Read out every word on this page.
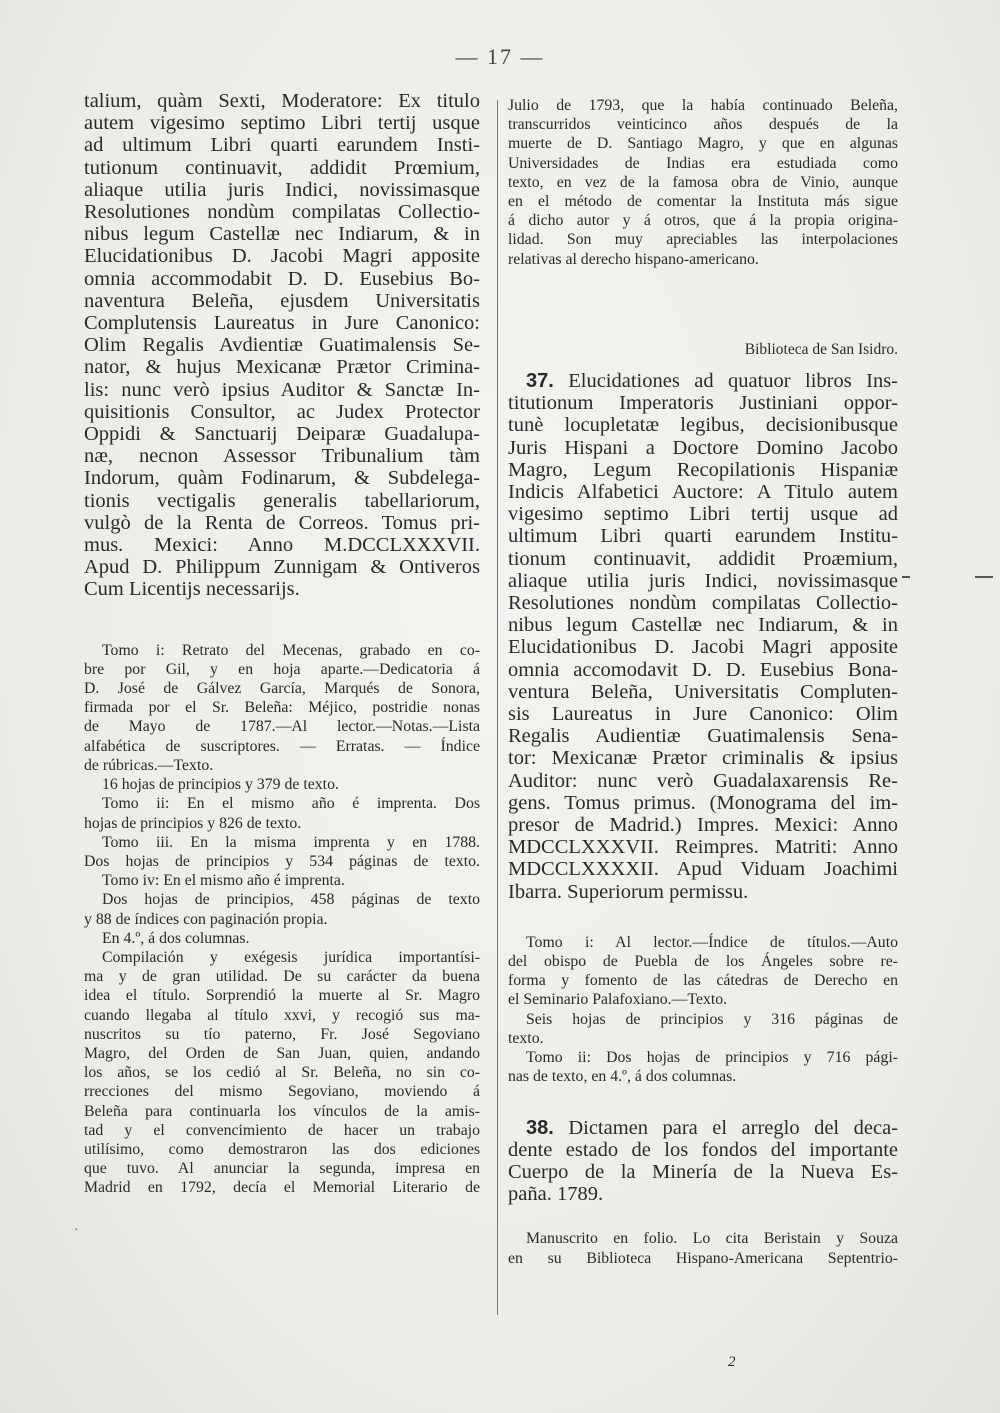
— 17 —
talium, quàm Sexti, Moderatore: Ex titulo
autem vigesimo septimo Libri tertij usque
ad ultimum Libri quarti earundem Insti-
tutionum continuavit, addidit Prœmium,
aliaque utilia juris Indici, novissimasque
Resolutiones nondùm compilatas Collectio-
nibus legum Castellæ nec Indiarum, & in
Elucidationibus D. Jacobi Magri apposite
omnia accommodabit D. D. Eusebius Bo-
naventura Beleña, ejusdem Universitatis
Complutensis Laureatus in Jure Canonico:
Olim Regalis Avdientiæ Guatimalensis Se-
nator, & hujus Mexicanæ Prætor Crimina-
lis: nunc verò ipsius Auditor & Sanctæ In-
quisitionis Consultor, ac Judex Protector
Oppidi & Sanctuarij Deiparæ Guadalupa-
næ, necnon Assessor Tribunalium tàm
Indorum, quàm Fodinarum, & Subdelega-
tionis vectigalis generalis tabellariorum,
vulgò de la Renta de Correos. Tomus pri-
mus. Mexici: Anno M.DCCLXXXVII.
Apud D. Philippum Zunnigam & Ontiveros
Cum Licentijs necessarijs.
Tomo i: Retrato del Mecenas, grabado en co-
bre por Gil, y en hoja aparte.—Dedicatoria á
D. José de Gálvez García, Marqués de Sonora,
firmada por el Sr. Beleña: Méjico, postridie nonas
de Mayo de 1787.—Al lector.—Notas.—Lista
alfabética de suscriptores. — Erratas. — Índice
de rúbricas.—Texto.
16 hojas de principios y 379 de texto.
Tomo ii: En el mismo año é imprenta. Dos
hojas de principios y 826 de texto.
Tomo iii. En la misma imprenta y en 1788.
Dos hojas de principios y 534 páginas de texto.
Tomo iv: En el mismo año é imprenta.
Dos hojas de principios, 458 páginas de texto
y 88 de índices con paginación propia.
En 4.º, á dos columnas.
Compilación y exégesis jurídica importantísi-
ma y de gran utilidad. De su carácter da buena
idea el título. Sorprendió la muerte al Sr. Magro
cuando llegaba al título xxvi, y recogió sus ma-
nuscritos su tío paterno, Fr. José Segoviano
Magro, del Orden de San Juan, quien, andando
los años, se los cedió al Sr. Beleña, no sin co-
rrecciones del mismo Segoviano, moviendo á
Beleña para continuarla los vínculos de la amis-
tad y el convencimiento de hacer un trabajo
utilísimo, como demostraron las dos ediciones
que tuvo. Al anunciar la segunda, impresa en
Madrid en 1792, decía el Memorial Literario de
Julio de 1793, que la había continuado Beleña,
transcurridos veinticinco años después de la
muerte de D. Santiago Magro, y que en algunas
Universidades de Indias era estudiada como
texto, en vez de la famosa obra de Vinio, aunque
en el método de comentar la Instituta más sigue
á dicho autor y á otros, que á la propia origina-
lidad. Son muy apreciables las interpolaciones
relativas al derecho hispano-americano.
Biblioteca de San Isidro.
37. Elucidationes ad quatuor libros Ins-
titutionum Imperatoris Justiniani oppor-
tunè locupletatæ legibus, decisionibusque
Juris Hispani a Doctore Domino Jacobo
Magro, Legum Recopilationis Hispaniæ
Indicis Alfabetici Auctore: A Titulo autem
vigesimo septimo Libri tertij usque ad
ultimum Libri quarti earundem Institu-
tionum continuavit, addidit Proæmium,
aliaque utilia juris Indici, novissimasque
Resolutiones nondùm compilatas Collectio-
nibus legum Castellæ nec Indiarum, & in
Elucidationibus D. Jacobi Magri apposite
omnia accomodavit D. D. Eusebius Bona-
ventura Beleña, Universitatis Compluten-
sis Laureatus in Jure Canonico: Olim
Regalis Audientiæ Guatimalensis Sena-
tor: Mexicanæ Prætor criminalis & ipsius
Auditor: nunc verò Guadalaxarensis Re-
gens. Tomus primus. (Monograma del im-
presor de Madrid.) Impres. Mexici: Anno
MDCCLXXXVII. Reimpres. Matriti: Anno
MDCCLXXXXII. Apud Viduam Joachimi
Ibarra. Superiorum permissu.
Tomo i: Al lector.—Índice de títulos.—Auto
del obispo de Puebla de los Ángeles sobre re-
forma y fomento de las cátedras de Derecho en
el Seminario Palafoxiano.—Texto.
Seis hojas de principios y 316 páginas de
texto.
Tomo ii: Dos hojas de principios y 716 pági-
nas de texto, en 4.º, á dos columnas.
38. Dictamen para el arreglo del deca-
dente estado de los fondos del importante
Cuerpo de la Minería de la Nueva Es-
paña. 1789.
Manuscrito en folio. Lo cita Beristain y Souza
en su Biblioteca Hispano-Americana Septentrio-
2
·
